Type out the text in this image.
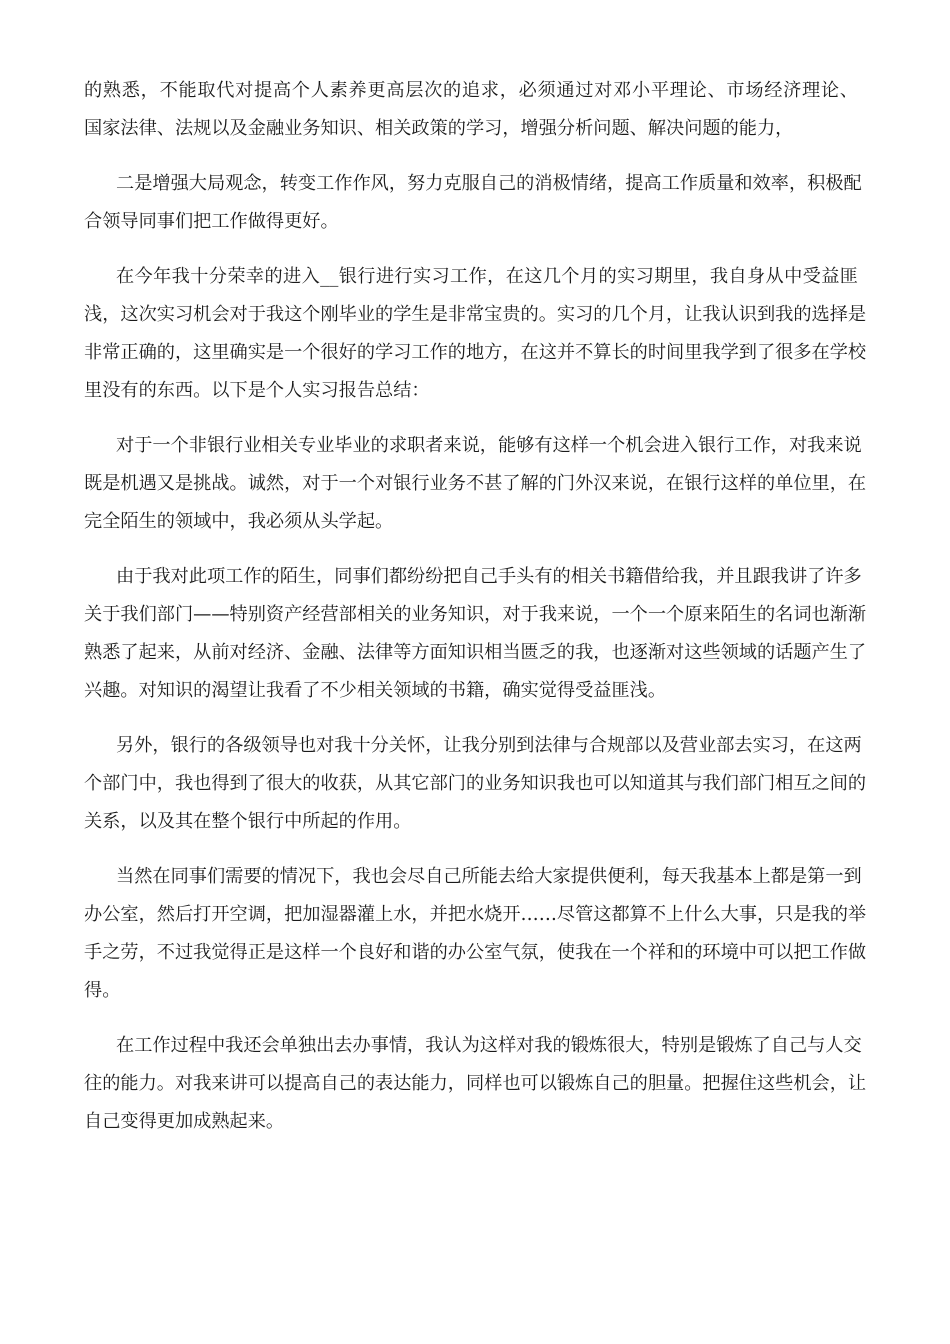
的熟悉，不能取代对提高个人素养更高层次的追求，必须通过对邓小平理论、市场经济理论、
国家法律、法规以及金融业务知识、相关政策的学习，增强分析问题、解决问题的能力，

二是增强大局观念，转变工作作风，努力克服自己的消极情绪，提高工作质量和效率，积极配
合领导同事们把工作做得更好。

在今年我十分荣幸的进入__银行进行实习工作，在这几个月的实习期里，我自身从中受益匪
浅，这次实习机会对于我这个刚毕业的学生是非常宝贵的。实习的几个月，让我认识到我的选择是
非常正确的，这里确实是一个很好的学习工作的地方，在这并不算长的时间里我学到了很多在学校
里没有的东西。以下是个人实习报告总结：

对于一个非银行业相关专业毕业的求职者来说，能够有这样一个机会进入银行工作，对我来说
既是机遇又是挑战。诚然，对于一个对银行业务不甚了解的门外汉来说，在银行这样的单位里，在
完全陌生的领域中，我必须从头学起。

由于我对此项工作的陌生，同事们都纷纷把自己手头有的相关书籍借给我，并且跟我讲了许多
关于我们部门——特别资产经营部相关的业务知识，对于我来说，一个一个原来陌生的名词也渐渐
熟悉了起来，从前对经济、金融、法律等方面知识相当匮乏的我，也逐渐对这些领域的话题产生了
兴趣。对知识的渴望让我看了不少相关领域的书籍，确实觉得受益匪浅。

另外，银行的各级领导也对我十分关怀，让我分别到法律与合规部以及营业部去实习，在这两
个部门中，我也得到了很大的收获，从其它部门的业务知识我也可以知道其与我们部门相互之间的
关系，以及其在整个银行中所起的作用。

当然在同事们需要的情况下，我也会尽自己所能去给大家提供便利，每天我基本上都是第一到
办公室，然后打开空调，把加湿器灌上水，并把水烧开……尽管这都算不上什么大事，只是我的举
手之劳，不过我觉得正是这样一个良好和谐的办公室气氛，使我在一个祥和的环境中可以把工作做
得。

在工作过程中我还会单独出去办事情，我认为这样对我的锻炼很大，特别是锻炼了自己与人交
往的能力。对我来讲可以提高自己的表达能力，同样也可以锻炼自己的胆量。把握住这些机会，让
自己变得更加成熟起来。
